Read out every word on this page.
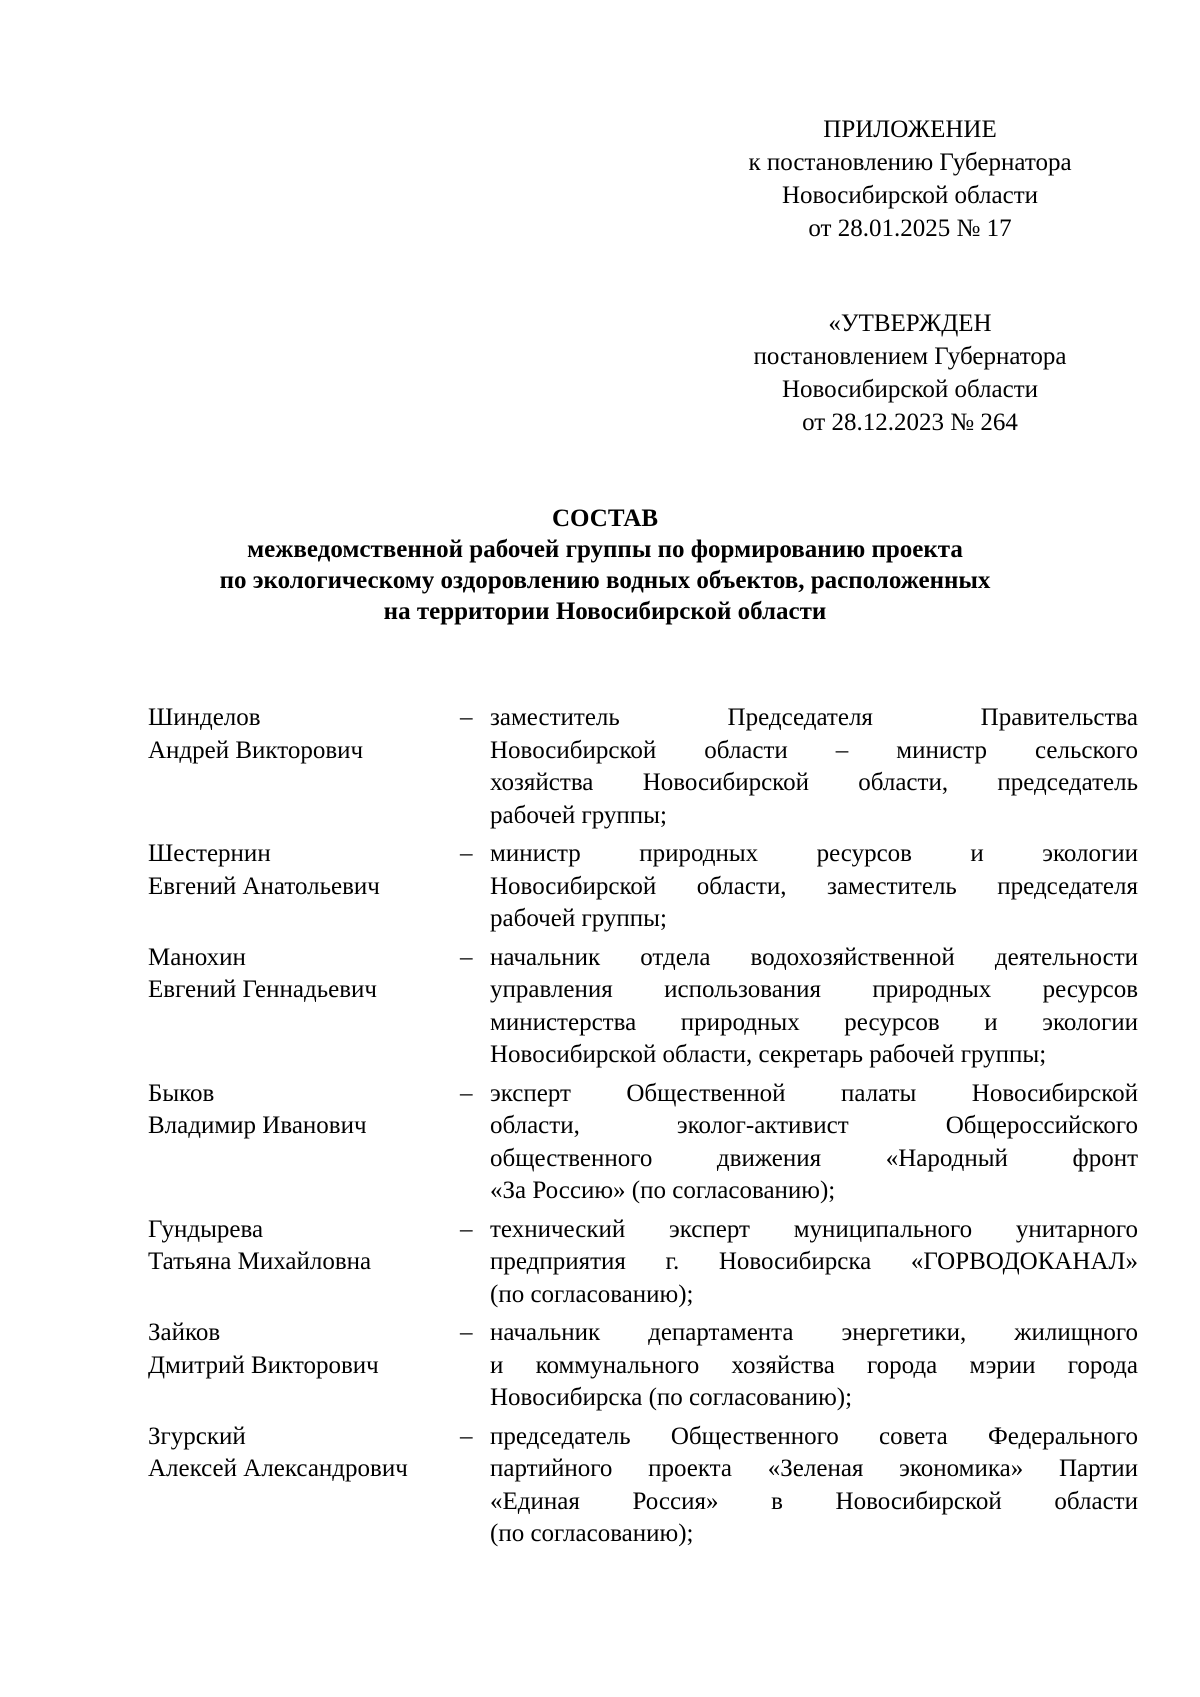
ПРИЛОЖЕНИЕ
к постановлению Губернатора
Новосибирской области
от 28.01.2025 № 17
«УТВЕРЖДЕН
постановлением Губернатора
Новосибирской области
от 28.12.2023 № 264
СОСТАВ
межведомственной рабочей группы по формированию проекта
по экологическому оздоровлению водных объектов, расположенных
на территории Новосибирской области
Шинделов
Андрей Викторович
– заместитель Председателя Правительства
Новосибирской области – министр сельского
хозяйства Новосибирской области, председатель
рабочей группы;
Шестернин
Евгений Анатольевич
– министр природных ресурсов и экологии
Новосибирской области, заместитель председателя
рабочей группы;
Манохин
Евгений Геннадьевич
– начальник отдела водохозяйственной деятельности
управления использования природных ресурсов
министерства природных ресурсов и экологии
Новосибирской области, секретарь рабочей группы;
Быков
Владимир Иванович
– эксперт Общественной палаты Новосибирской
области, эколог-активист Общероссийского
общественного движения «Народный фронт
«За Россию» (по согласованию);
Гундырева
Татьяна Михайловна
– технический эксперт муниципального унитарного
предприятия г. Новосибирска «ГОРВОДОКАНАЛ»
(по согласованию);
Зайков
Дмитрий Викторович
– начальник департамента энергетики, жилищного
и коммунального хозяйства города мэрии города
Новосибирска (по согласованию);
Згурский
Алексей Александрович
– председатель Общественного совета Федерального
партийного проекта «Зеленая экономика» Партии
«Единая Россия» в Новосибирской области
(по согласованию);
